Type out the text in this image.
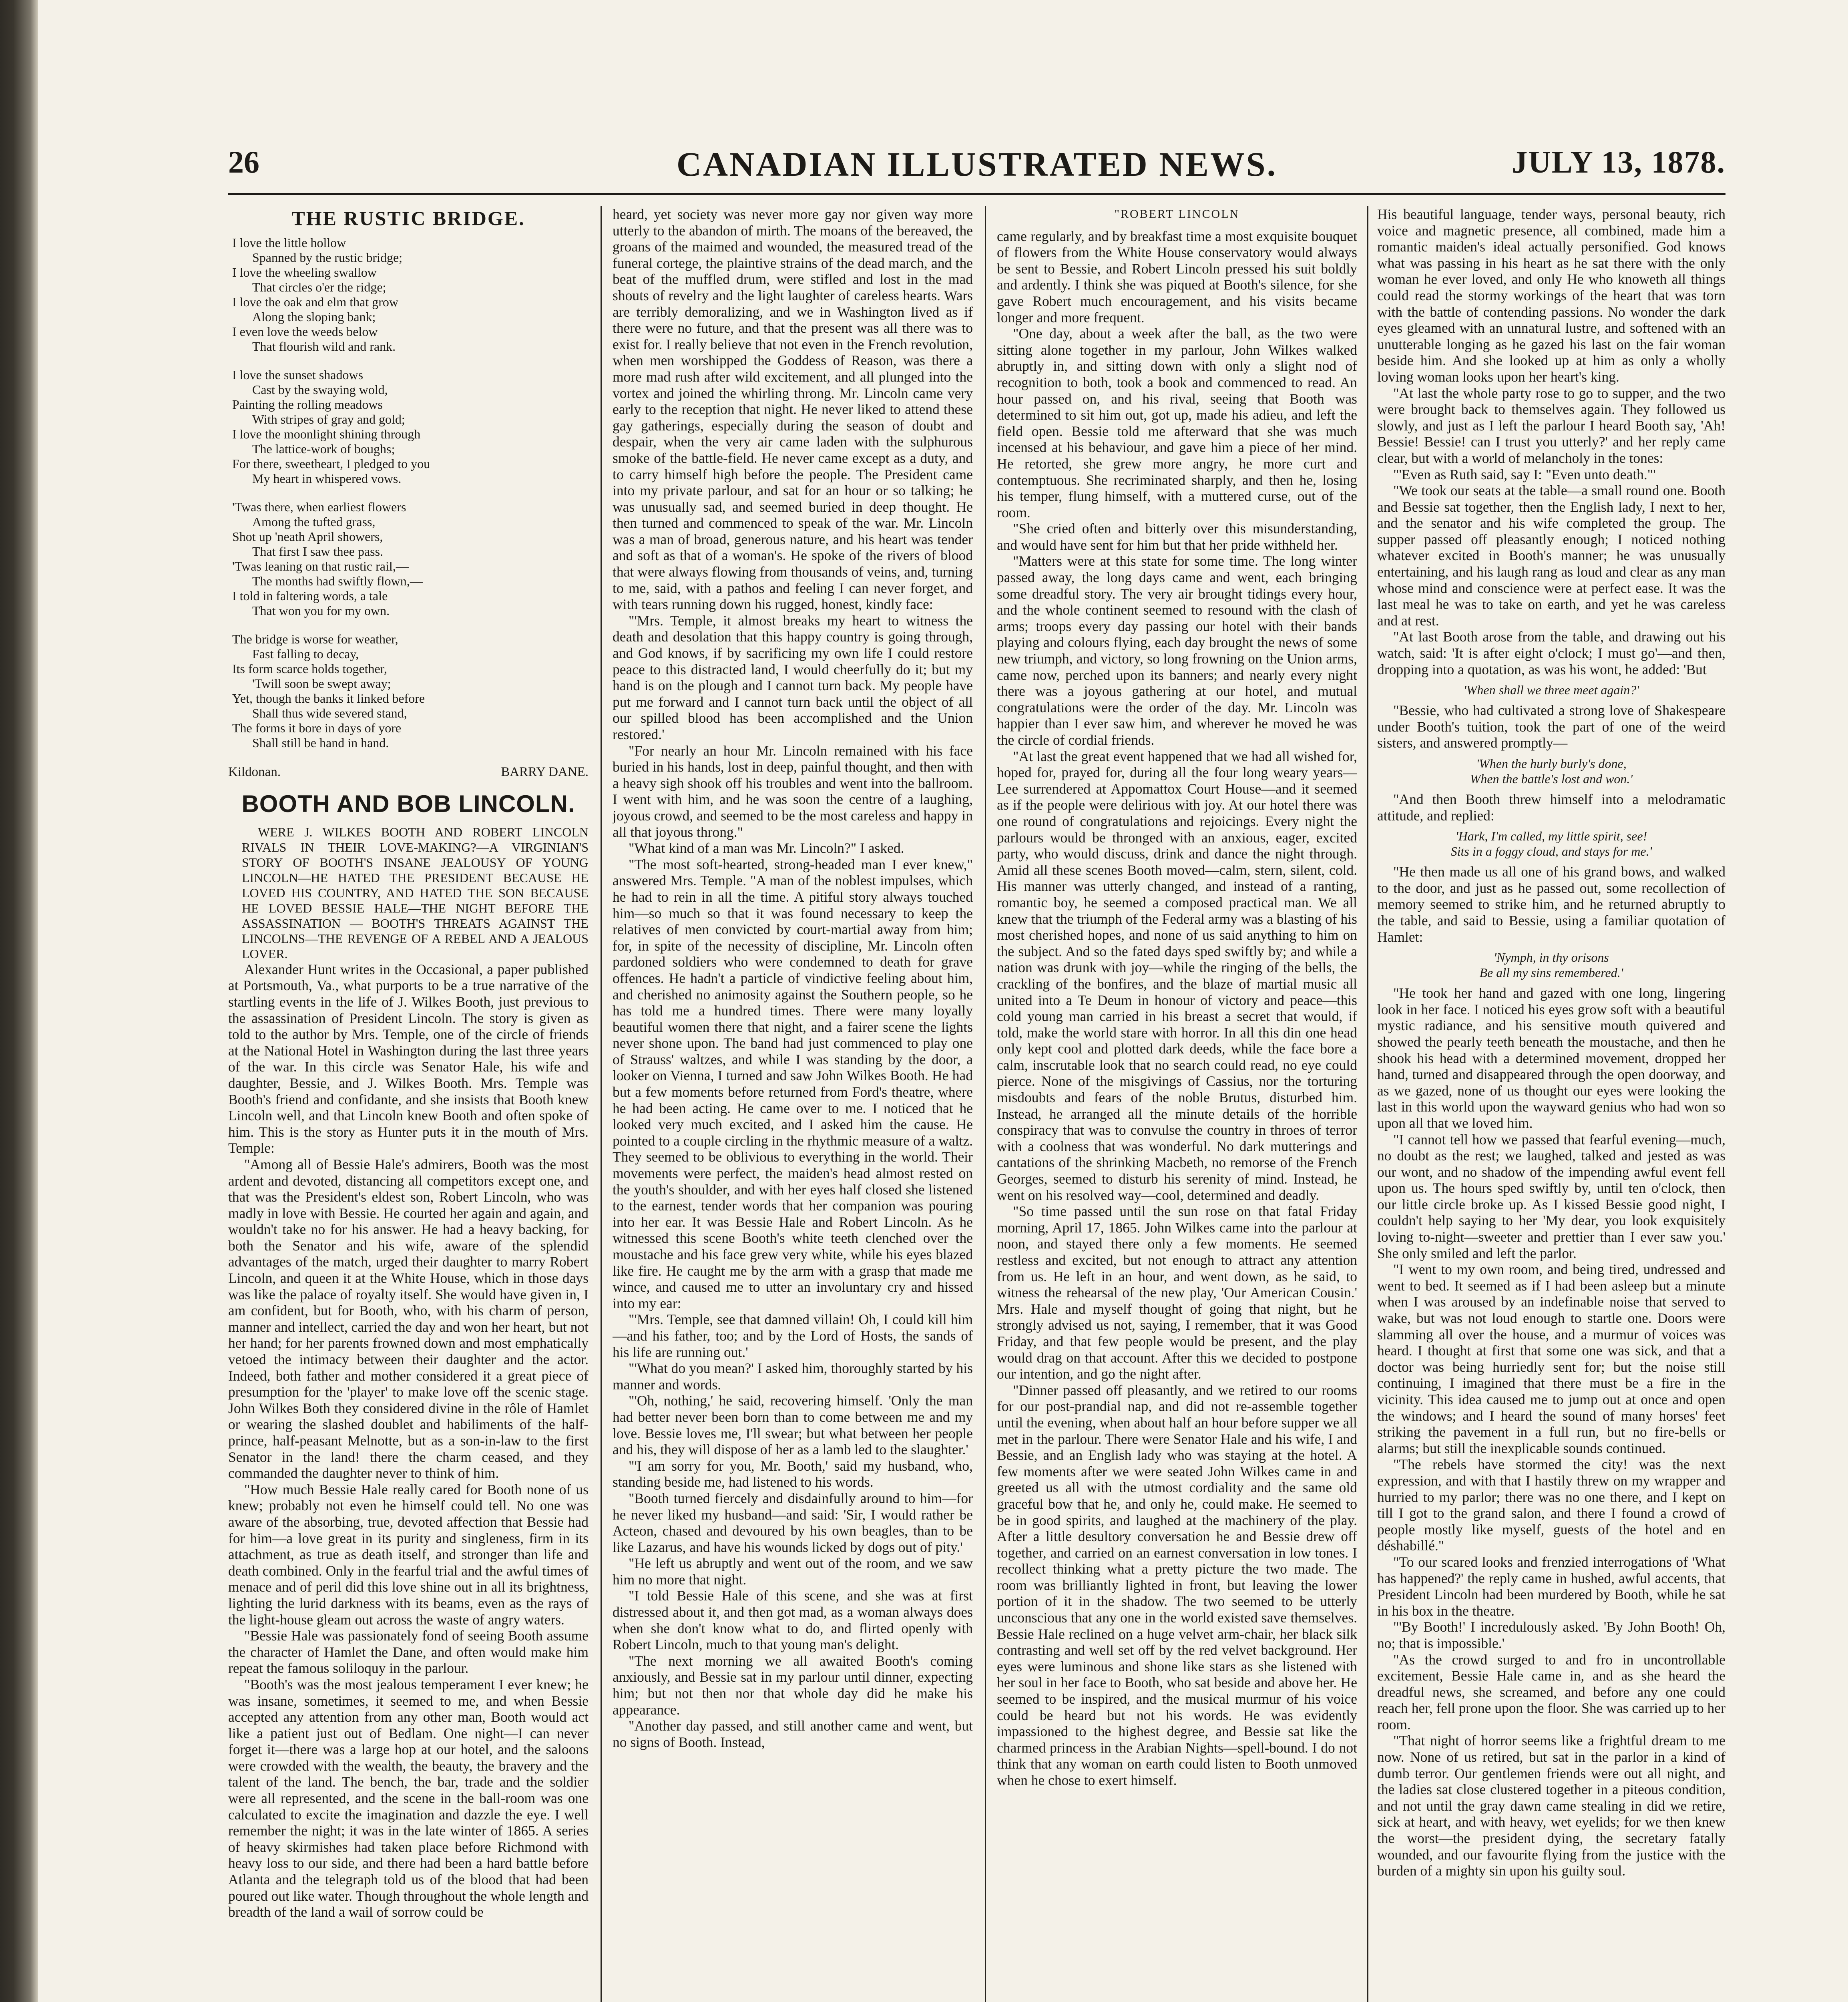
CANADIAN ILLUSTRATED NEWS.
26	JULY 13, 1878.
THE RUSTIC BRIDGE.
I love the little hollow
Spanned by the rustic bridge;
I love the wheeling swallow
That circles o'er the ridge;
I love the oak and elm that grow
Along the sloping bank;
I even love the weeds below
That flourish wild and rank.
I love the sunset shadows
Cast by the swaying wold,
Painting the rolling meadows
With stripes of gray and gold;
I love the moonlight shining through
The lattice-work of boughs;
For there, sweetheart, I pledged to you
My heart in whispered vows.
'Twas there, when earliest flowers
Among the tufted grass,
Shot up 'neath April showers,
That first I saw thee pass.
'Twas leaning on that rustic rail,—
The months had swiftly flown,—
I told in faltering words, a tale
That won you for my own.
The bridge is worse for weather,
Fast falling to decay,
Its form scarce holds together,
'Twill soon be swept away;
Yet, though the banks it linked before
Shall thus wide severed stand,
The forms it bore in days of yore
Shall still be hand in hand.
Kildonan.	BARRY DANE.
BOOTH AND BOB LINCOLN.

WERE J. WILKES BOOTH AND ROBERT LINCOLN RIVALS IN THEIR LOVE-MAKING?—A VIRGINIAN'S STORY OF BOOTH'S INSANE JEALOUSY OF YOUNG LINCOLN—HE HATED THE PRESIDENT BECAUSE HE LOVED HIS COUNTRY, AND HATED THE SON BECAUSE HE LOVED BESSIE HALE—THE NIGHT BEFORE THE ASSASSINATION — BOOTH'S THREATS AGAINST THE LINCOLNS—THE REVENGE OF A REBEL AND A JEALOUS LOVER.

Alexander Hunt writes in the Occasional, a paper published at Portsmouth, Va., what purports to be a true narrative of the startling events in the life of J. Wilkes Booth, just previous to the assassination of President Lincoln. The story is given as told to the author by Mrs. Temple, one of the circle of friends at the National Hotel in Washington during the last three years of the war. In this circle was Senator Hale, his wife and daughter, Bessie, and J. Wilkes Booth. Mrs. Temple was Booth's friend and confidante, and she insists that Booth knew Lincoln well, and that Lincoln knew Booth and often spoke of him. This is the story as Hunter puts it in the mouth of Mrs. Temple:

"Among all of Bessie Hale's admirers, Booth was the most ardent and devoted, distancing all competitors except one, and that was the President's eldest son, Robert Lincoln, who was madly in love with Bessie. He courted her again and again, and wouldn't take no for his answer. He had a heavy backing, for both the Senator and his wife, aware of the splendid advantages of the match, urged their daughter to marry Robert Lincoln, and queen it at the White House, which in those days was like the palace of royalty itself. She would have given in, I am confident, but for Booth, who, with his charm of person, manner and intellect, carried the day and won her heart, but not her hand; for her parents frowned down and most emphatically vetoed the intimacy between their daughter and the actor. Indeed, both father and mother considered it a great piece of presumption for the 'player' to make love off the scenic stage. John Wilkes Both they considered divine in the rôle of Hamlet or wearing the slashed doublet and habiliments of the half-prince, half-peasant Melnotte, but as a son-in-law to the first Senator in the land! there the charm ceased, and they commanded the daughter never to think of him.

"How much Bessie Hale really cared for Booth none of us knew; probably not even he himself could tell. No one was aware of the absorbing, true, devoted affection that Bessie had for him—a love great in its purity and singleness, firm in its attachment, as true as death itself, and stronger than life and death combined. Only in the fearful trial and the awful times of menace and of peril did this love shine out in all its brightness, lighting the lurid darkness with its beams, even as the rays of the light-house gleam out across the waste of angry waters.

"Bessie Hale was passionately fond of seeing Booth assume the character of Hamlet the Dane, and often would make him repeat the famous soliloquy in the parlour.

"Booth's was the most jealous temperament I ever knew; he was insane, sometimes, it seemed to me, and when Bessie accepted any attention from any other man, Booth would act like a patient just out of Bedlam. One night—I can never forget it—there was a large hop at our hotel, and the saloons were crowded with the wealth, the beauty, the bravery and the talent of the land. The bench, the bar, trade and the soldier were all represented, and the scene in the ball-room was one calculated to excite the imagination and dazzle the eye. I well remember the night; it was in the late winter of 1865. A series of heavy skirmishes had taken place before Richmond with heavy loss to our side, and there had been a hard battle before Atlanta and the telegraph told us of the blood that had been poured out like water. Though throughout the whole length and breadth of the land a wail of sorrow could be

heard, yet society was never more gay nor given way more utterly to the abandon of mirth. The moans of the bereaved, the groans of the maimed and wounded, the measured tread of the funeral cortege, the plaintive strains of the dead march, and the beat of the muffled drum, were stifled and lost in the mad shouts of revelry and the light laughter of careless hearts. Wars are terribly demoralizing, and we in Washington lived as if there were no future, and that the present was all there was to exist for. I really believe that not even in the French revolution, when men worshipped the Goddess of Reason, was there a more mad rush after wild excitement, and all plunged into the vortex and joined the whirling throng. Mr. Lincoln came very early to the reception that night. He never liked to attend these gay gatherings, especially during the season of doubt and despair, when the very air came laden with the sulphurous smoke of the battle-field. He never came except as a duty, and to carry himself high before the people. The President came into my private parlour, and sat for an hour or so talking; he was unusually sad, and seemed buried in deep thought. He then turned and commenced to speak of the war. Mr. Lincoln was a man of broad, generous nature, and his heart was tender and soft as that of a woman's. He spoke of the rivers of blood that were always flowing from thousands of veins, and, turning to me, said, with a pathos and feeling I can never forget, and with tears running down his rugged, honest, kindly face:

"'Mrs. Temple, it almost breaks my heart to witness the death and desolation that this happy country is going through, and God knows, if by sacrificing my own life I could restore peace to this distracted land, I would cheerfully do it; but my hand is on the plough and I cannot turn back. My people have put me forward and I cannot turn back until the object of all our spilled blood has been accomplished and the Union restored.'

"For nearly an hour Mr. Lincoln remained with his face buried in his hands, lost in deep, painful thought, and then with a heavy sigh shook off his troubles and went into the ballroom. I went with him, and he was soon the centre of a laughing, joyous crowd, and seemed to be the most careless and happy in all that joyous throng."

"What kind of a man was Mr. Lincoln?" I asked.

"The most soft-hearted, strong-headed man I ever knew," answered Mrs. Temple. "A man of the noblest impulses, which he had to rein in all the time. A pitiful story always touched him—so much so that it was found necessary to keep the relatives of men convicted by court-martial away from him; for, in spite of the necessity of discipline, Mr. Lincoln often pardoned soldiers who were condemned to death for grave offences. He hadn't a particle of vindictive feeling about him, and cherished no animosity against the Southern people, so he has told me a hundred times. There were many loyally beautiful women there that night, and a fairer scene the lights never shone upon. The band had just commenced to play one of Strauss' waltzes, and while I was standing by the door, a looker on Vienna, I turned and saw John Wilkes Booth. He had but a few moments before returned from Ford's theatre, where he had been acting. He came over to me. I noticed that he looked very much excited, and I asked him the cause. He pointed to a couple circling in the rhythmic measure of a waltz. They seemed to be oblivious to everything in the world. Their movements were perfect, the maiden's head almost rested on the youth's shoulder, and with her eyes half closed she listened to the earnest, tender words that her companion was pouring into her ear. It was Bessie Hale and Robert Lincoln. As he witnessed this scene Booth's white teeth clenched over the moustache and his face grew very white, while his eyes blazed like fire. He caught me by the arm with a grasp that made me wince, and caused me to utter an involuntary cry and hissed into my ear:

"'Mrs. Temple, see that damned villain! Oh, I could kill him—and his father, too; and by the Lord of Hosts, the sands of his life are running out.'

"'What do you mean?' I asked him, thoroughly started by his manner and words.

"'Oh, nothing,' he said, recovering himself. 'Only the man had better never been born than to come between me and my love. Bessie loves me, I'll swear; but what between her people and his, they will dispose of her as a lamb led to the slaughter.'

"'I am sorry for you, Mr. Booth,' said my husband, who, standing beside me, had listened to his words.

"Booth turned fiercely and disdainfully around to him—for he never liked my husband—and said: 'Sir, I would rather be Acteon, chased and devoured by his own beagles, than to be like Lazarus, and have his wounds licked by dogs out of pity.'

"He left us abruptly and went out of the room, and we saw him no more that night.

"I told Bessie Hale of this scene, and she was at first distressed about it, and then got mad, as a woman always does when she don't know what to do, and flirted openly with Robert Lincoln, much to that young man's delight.

"The next morning we all awaited Booth's coming anxiously, and Bessie sat in my parlour until dinner, expecting him; but not then nor that whole day did he make his appearance.

"Another day passed, and still another came and went, but no signs of Booth. Instead,

"ROBERT LINCOLN

came regularly, and by breakfast time a most exquisite bouquet of flowers from the White House conservatory would always be sent to Bessie, and Robert Lincoln pressed his suit boldly and ardently. I think she was piqued at Booth's silence, for she gave Robert much encouragement, and his visits became longer and more frequent.

"One day, about a week after the ball, as the two were sitting alone together in my parlour, John Wilkes walked abruptly in, and sitting down with only a slight nod of recognition to both, took a book and commenced to read. An hour passed on, and his rival, seeing that Booth was determined to sit him out, got up, made his adieu, and left the field open. Bessie told me afterward that she was much incensed at his behaviour, and gave him a piece of her mind. He retorted, she grew more angry, he more curt and contemptuous. She recriminated sharply, and then he, losing his temper, flung himself, with a muttered curse, out of the room.

"She cried often and bitterly over this misunderstanding, and would have sent for him but that her pride withheld her.

"Matters were at this state for some time. The long winter passed away, the long days came and went, each bringing some dreadful story. The very air brought tidings every hour, and the whole continent seemed to resound with the clash of arms; troops every day passing our hotel with their bands playing and colours flying, each day brought the news of some new triumph, and victory, so long frowning on the Union arms, came now, perched upon its banners; and nearly every night there was a joyous gathering at our hotel, and mutual congratulations were the order of the day. Mr. Lincoln was happier than I ever saw him, and wherever he moved he was the circle of cordial friends.

"At last the great event happened that we had all wished for, hoped for, prayed for, during all the four long weary years—Lee surrendered at Appomattox Court House—and it seemed as if the people were delirious with joy. At our hotel there was one round of congratulations and rejoicings. Every night the parlours would be thronged with an anxious, eager, excited party, who would discuss, drink and dance the night through. Amid all these scenes Booth moved—calm, stern, silent, cold. His manner was utterly changed, and instead of a ranting, romantic boy, he seemed a composed practical man. We all knew that the triumph of the Federal army was a blasting of his most cherished hopes, and none of us said anything to him on the subject. And so the fated days sped swiftly by; and while a nation was drunk with joy—while the ringing of the bells, the crackling of the bonfires, and the blaze of martial music all united into a Te Deum in honour of victory and peace—this cold young man carried in his breast a secret that would, if told, make the world stare with horror. In all this din one head only kept cool and plotted dark deeds, while the face bore a calm, inscrutable look that no search could read, no eye could pierce. None of the misgivings of Cassius, nor the torturing misdoubts and fears of the noble Brutus, disturbed him. Instead, he arranged all the minute details of the horrible conspiracy that was to convulse the country in throes of terror with a coolness that was wonderful. No dark mutterings and cantations of the shrinking Macbeth, no remorse of the French Georges, seemed to disturb his serenity of mind. Instead, he went on his resolved way—cool, determined and deadly.

"So time passed until the sun rose on that fatal Friday morning, April 17, 1865. John Wilkes came into the parlour at noon, and stayed there only a few moments. He seemed restless and excited, but not enough to attract any attention from us. He left in an hour, and went down, as he said, to witness the rehearsal of the new play, 'Our American Cousin.' Mrs. Hale and myself thought of going that night, but he strongly advised us not, saying, I remember, that it was Good Friday, and that few people would be present, and the play would drag on that account. After this we decided to postpone our intention, and go the night after.

"Dinner passed off pleasantly, and we retired to our rooms for our post-prandial nap, and did not re-assemble together until the evening, when about half an hour before supper we all met in the parlour. There were Senator Hale and his wife, I and Bessie, and an English lady who was staying at the hotel. A few moments after we were seated John Wilkes came in and greeted us all with the utmost cordiality and the same old graceful bow that he, and only he, could make. He seemed to be in good spirits, and laughed at the machinery of the play. After a little desultory conversation he and Bessie drew off together, and carried on an earnest conversation in low tones. I recollect thinking what a pretty picture the two made. The room was brilliantly lighted in front, but leaving the lower portion of it in the shadow. The two seemed to be utterly unconscious that any one in the world existed save themselves. Bessie Hale reclined on a huge velvet arm-chair, her black silk contrasting and well set off by the red velvet background. Her eyes were luminous and shone like stars as she listened with her soul in her face to Booth, who sat beside and above her. He seemed to be inspired, and the musical murmur of his voice could be heard but not his words. He was evidently impassioned to the highest degree, and Bessie sat like the charmed princess in the Arabian Nights—spell-bound. I do not think that any woman on earth could listen to Booth unmoved when he chose to exert himself.

His beautiful language, tender ways, personal beauty, rich voice and magnetic presence, all combined, made him a romantic maiden's ideal actually personified. God knows what was passing in his heart as he sat there with the only woman he ever loved, and only He who knoweth all things could read the stormy workings of the heart that was torn with the battle of contending passions. No wonder the dark eyes gleamed with an unnatural lustre, and softened with an unutterable longing as he gazed his last on the fair woman beside him. And she looked up at him as only a wholly loving woman looks upon her heart's king.

"At last the whole party rose to go to supper, and the two were brought back to themselves again. They followed us slowly, and just as I left the parlour I heard Booth say, 'Ah! Bessie! Bessie! can I trust you utterly?' and her reply came clear, but with a world of melancholy in the tones:

"'Even as Ruth said, say I: "Even unto death."'

"We took our seats at the table—a small round one. Booth and Bessie sat together, then the English lady, I next to her, and the senator and his wife completed the group. The supper passed off pleasantly enough; I noticed nothing whatever excited in Booth's manner; he was unusually entertaining, and his laugh rang as loud and clear as any man whose mind and conscience were at perfect ease. It was the last meal he was to take on earth, and yet he was careless and at rest.

"At last Booth arose from the table, and drawing out his watch, said: 'It is after eight o'clock; I must go'—and then, dropping into a quotation, as was his wont, he added: 'But

'When shall we three meet again?'

"Bessie, who had cultivated a strong love of Shakespeare under Booth's tuition, took the part of one of the weird sisters, and answered promptly—

'When the hurly burly's done,
When the battle's lost and won.'

"And then Booth threw himself into a melodramatic attitude, and replied:

'Hark, I'm called, my little spirit, see!
Sits in a foggy cloud, and stays for me.'

"He then made us all one of his grand bows, and walked to the door, and just as he passed out, some recollection of memory seemed to strike him, and he returned abruptly to the table, and said to Bessie, using a familiar quotation of Hamlet:

'Nymph, in thy orisons
Be all my sins remembered.'

"He took her hand and gazed with one long, lingering look in her face. I noticed his eyes grow soft with a beautiful mystic radiance, and his sensitive mouth quivered and showed the pearly teeth beneath the moustache, and then he shook his head with a determined movement, dropped her hand, turned and disappeared through the open doorway, and as we gazed, none of us thought our eyes were looking the last in this world upon the wayward genius who had won so upon all that we loved him.

"I cannot tell how we passed that fearful evening—much, no doubt as the rest; we laughed, talked and jested as was our wont, and no shadow of the impending awful event fell upon us. The hours sped swiftly by, until ten o'clock, then our little circle broke up. As I kissed Bessie good night, I couldn't help saying to her 'My dear, you look exquisitely loving to-night—sweeter and prettier than I ever saw you.' She only smiled and left the parlor.

"I went to my own room, and being tired, undressed and went to bed. It seemed as if I had been asleep but a minute when I was aroused by an indefinable noise that served to wake, but was not loud enough to startle one. Doors were slamming all over the house, and a murmur of voices was heard. I thought at first that some one was sick, and that a doctor was being hurriedly sent for; but the noise still continuing, I imagined that there must be a fire in the vicinity. This idea caused me to jump out at once and open the windows; and I heard the sound of many horses' feet striking the pavement in a full run, but no fire-bells or alarms; but still the inexplicable sounds continued.

"The rebels have stormed the city! was the next expression, and with that I hastily threw on my wrapper and hurried to my parlor; there was no one there, and I kept on till I got to the grand salon, and there I found a crowd of people mostly like myself, guests of the hotel and en déshabillé."

"To our scared looks and frenzied interrogations of 'What has happened?' the reply came in hushed, awful accents, that President Lincoln had been murdered by Booth, while he sat in his box in the theatre.

"'By Booth!' I incredulously asked. 'By John Booth! Oh, no; that is impossible.'

"As the crowd surged to and fro in uncontrollable excitement, Bessie Hale came in, and as she heard the dreadful news, she screamed, and before any one could reach her, fell prone upon the floor. She was carried up to her room.

"That night of horror seems like a frightful dream to me now. None of us retired, but sat in the parlor in a kind of dumb terror. Our gentlemen friends were out all night, and the ladies sat close clustered together in a piteous condition, and not until the gray dawn came stealing in did we retire, sick at heart, and with heavy, wet eyelids; for we then knew the worst—the president dying, the secretary fatally wounded, and our favourite flying from the justice with the burden of a mighty sin upon his guilty soul.
